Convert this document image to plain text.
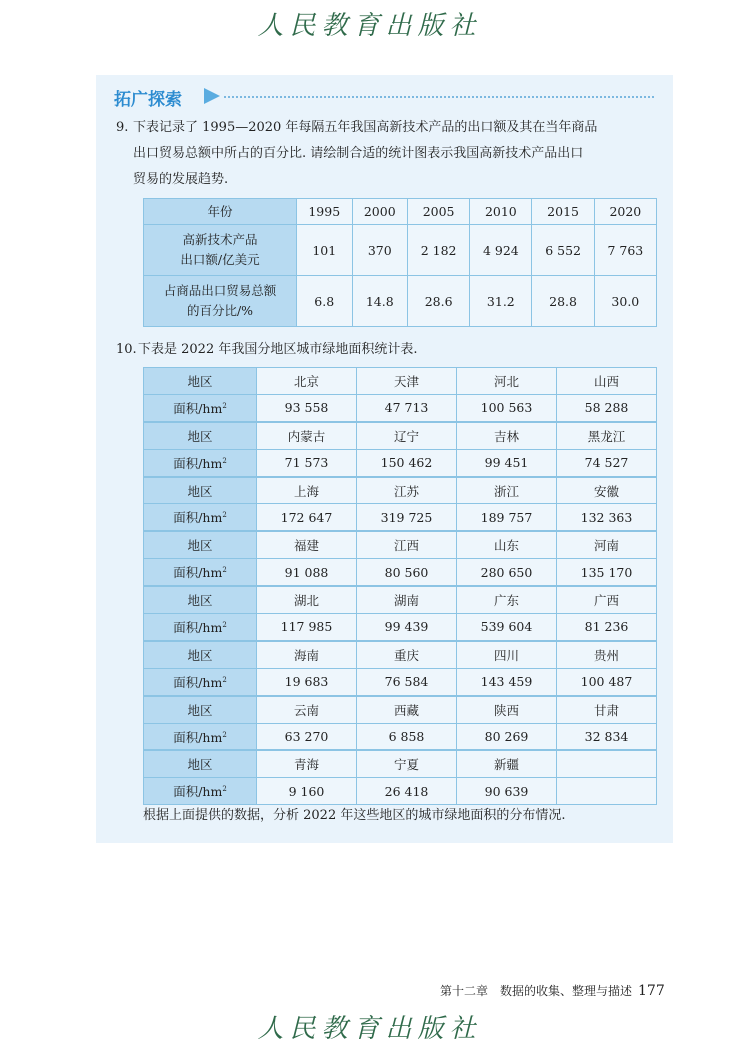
人民教育出版社
拓广探索
9. 下表记录了 1995—2020 年每隔五年我国高新技术产品的出口额及其在当年商品
出口贸易总额中所占的百分比. 请绘制合适的统计图表示我国高新技术产品出口
贸易的发展趋势.
年份	1995	2000	2005	2010	2015	2020

高新技术产品
出口额/亿美元	101	370	2 182	4 924	6 552	7 763

占商品出口贸易总额
的百分比/%	6.8	14.8	28.6	31.2	28.8	30.0
10. 下表是 2022 年我国分地区城市绿地面积统计表.
地区	北京	天津	河北	山西
面积$/hm^2$	93 558	47 713	100 563	58 288
地区	内蒙古	辽宁	吉林	黑龙江
面积$/hm^2$	71 573	150 462	99 451	74 527
地区	上海	江苏	浙江	安徽
面积$/hm^2$	172 647	319 725	189 757	132 363
地区	福建	江西	山东	河南
面积$/hm^2$	91 088	80 560	280 650	135 170
地区	湖北	湖南	广东	广西
面积$/hm^2$	117 985	99 439	539 604	81 236
地区	海南	重庆	四川	贵州
面积$/hm^2$	19 683	76 584	143 459	100 487
地区	云南	西藏	陕西	甘肃
面积$/hm^2$	63 270	6 858	80 269	32 834
地区	青海	宁夏	新疆	
面积$/hm^2$	9 160	26 418	90 639	
根据上面提供的数据，分析 2022 年这些地区的城市绿地面积的分布情况.
第十二章　数据的收集、整理与描述 177
人民教育出版社
